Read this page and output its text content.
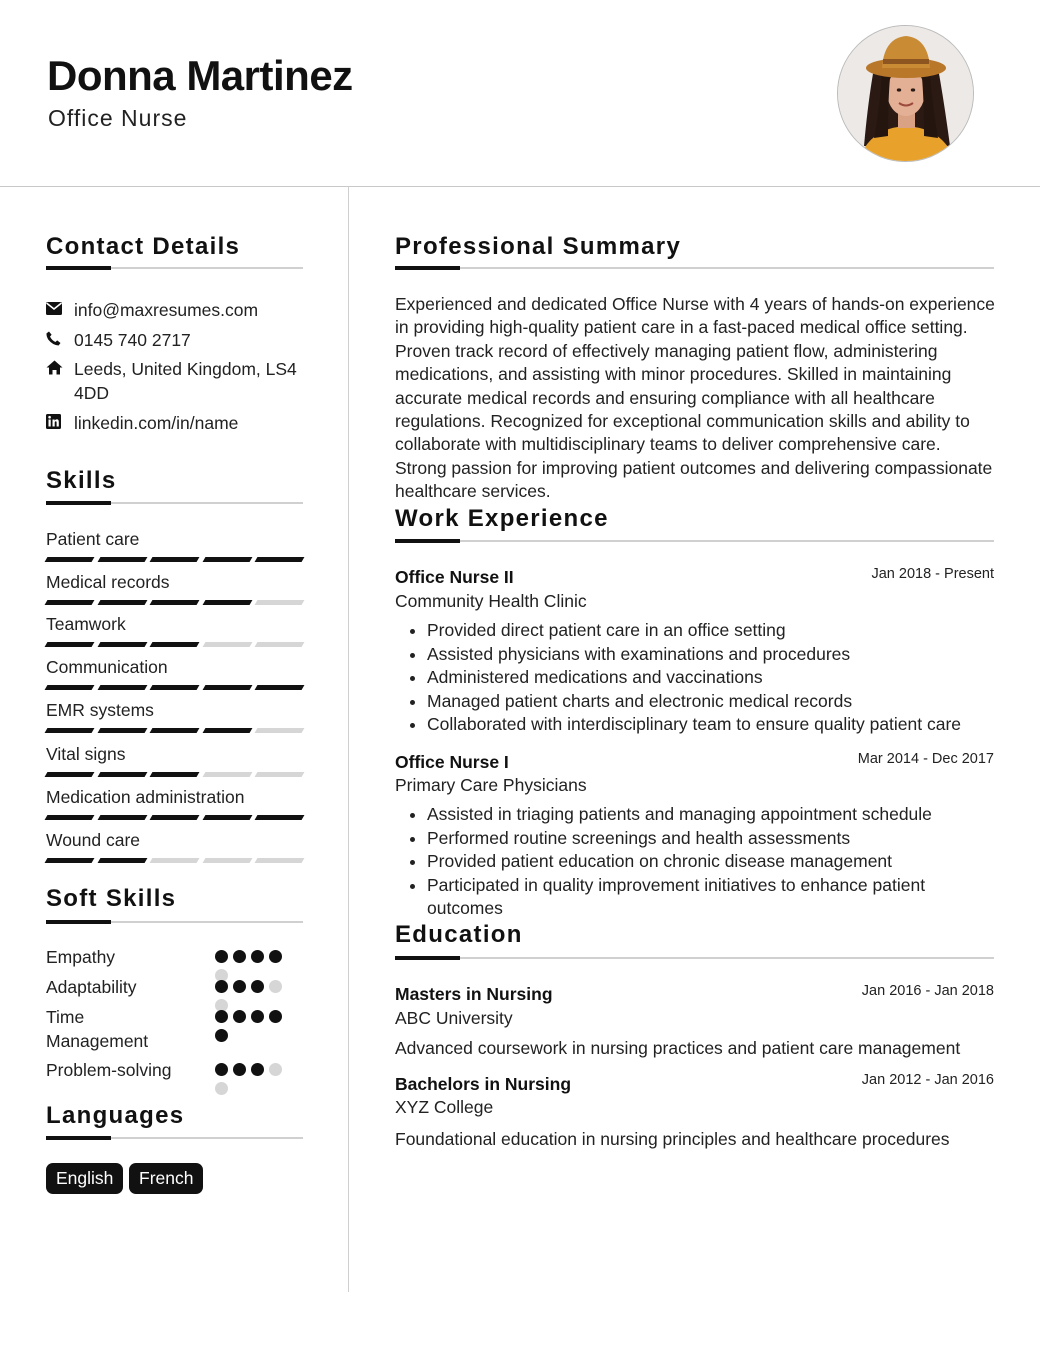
Donna Martinez
Office Nurse
Contact Details
info@maxresumes.com
0145 740 2717
Leeds, United Kingdom, LS4 4DD
linkedin.com/in/name
Skills
Patient care
Medical records
Teamwork
Communication
EMR systems
Vital signs
Medication administration
Wound care
Soft Skills
Empathy
Adaptability
Time Management
Problem-solving
Languages
English	French
Professional Summary
Experienced and dedicated Office Nurse with 4 years of hands-on experience in providing high-quality patient care in a fast-paced medical office setting. Proven track record of effectively managing patient flow, administering medications, and assisting with minor procedures. Skilled in maintaining accurate medical records and ensuring compliance with all healthcare regulations. Recognized for exceptional communication skills and ability to collaborate with multidisciplinary teams to deliver comprehensive care. Strong passion for improving patient outcomes and delivering compassionate healthcare services.
Work Experience
Office Nurse II	Jan 2018 - Present
Community Health Clinic
Provided direct patient care in an office setting
Assisted physicians with examinations and procedures
Administered medications and vaccinations
Managed patient charts and electronic medical records
Collaborated with interdisciplinary team to ensure quality patient care
Office Nurse I	Mar 2014 - Dec 2017
Primary Care Physicians
Assisted in triaging patients and managing appointment schedule
Performed routine screenings and health assessments
Provided patient education on chronic disease management
Participated in quality improvement initiatives to enhance patient outcomes
Education
Masters in Nursing	Jan 2016 - Jan 2018
ABC University
Advanced coursework in nursing practices and patient care management
Bachelors in Nursing	Jan 2012 - Jan 2016
XYZ College
Foundational education in nursing principles and healthcare procedures
